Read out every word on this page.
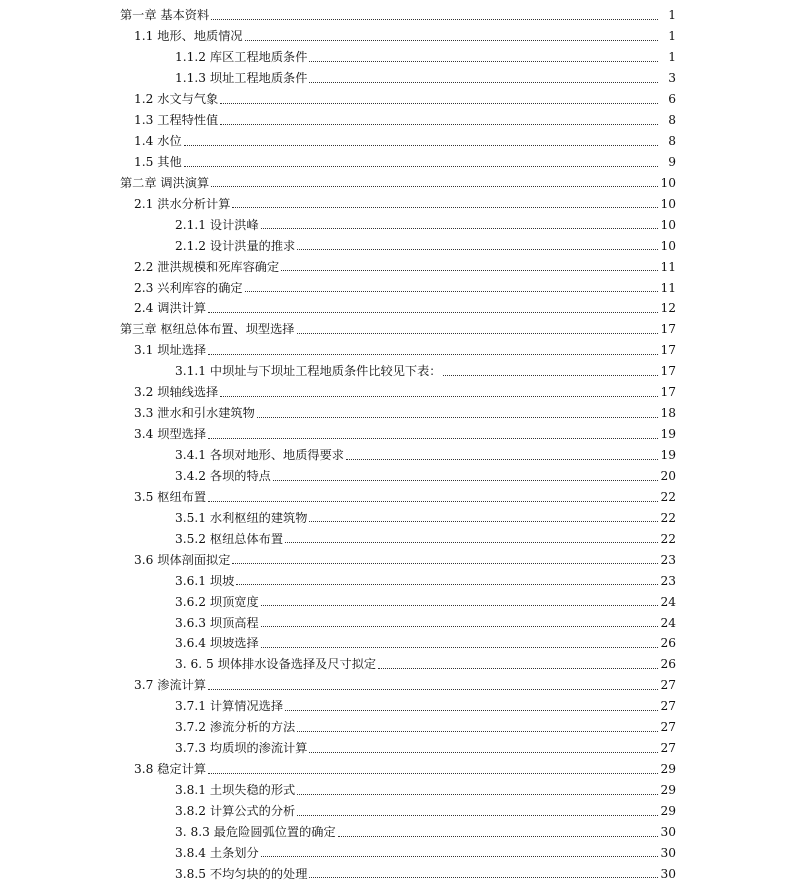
第一章 基本资料	1
1.1 地形、地质情况	1
1.1.2 库区工程地质条件	1
1.1.3 坝址工程地质条件	3
1.2 水文与气象	6
1.3 工程特性值	8
1.4 水位	8
1.5 其他	9
第二章 调洪演算	10
2.1 洪水分析计算	10
2.1.1 设计洪峰	10
2.1.2 设计洪量的推求	10
2.2 泄洪规模和死库容确定	11
2.3 兴利库容的确定	11
2.4 调洪计算	12
第三章 枢纽总体布置、坝型选择	17
3.1 坝址选择	17
3.1.1 中坝址与下坝址工程地质条件比较见下表：	17
3.2 坝轴线选择	17
3.3 泄水和引水建筑物	18
3.4 坝型选择	19
3.4.1 各坝对地形、地质得要求	19
3.4.2 各坝的特点	20
3.5 枢纽布置	22
3.5.1 水利枢纽的建筑物	22
3.5.2 枢纽总体布置	22
3.6 坝体剖面拟定	23
3.6.1 坝坡	23
3.6.2 坝顶宽度	24
3.6.3 坝顶高程	24
3.6.4 坝坡选择	26
3. 6. 5 坝体排水设备选择及尺寸拟定	26
3.7 渗流计算	27
3.7.1 计算情况选择	27
3.7.2 渗流分析的方法	27
3.7.3 均质坝的渗流计算	27
3.8 稳定计算	29
3.8.1 土坝失稳的形式	29
3.8.2 计算公式的分析	29
3. 8.3 最危险圆弧位置的确定	30
3.8.4 土条划分	30
3.8.5 不均匀块的的处理	30
